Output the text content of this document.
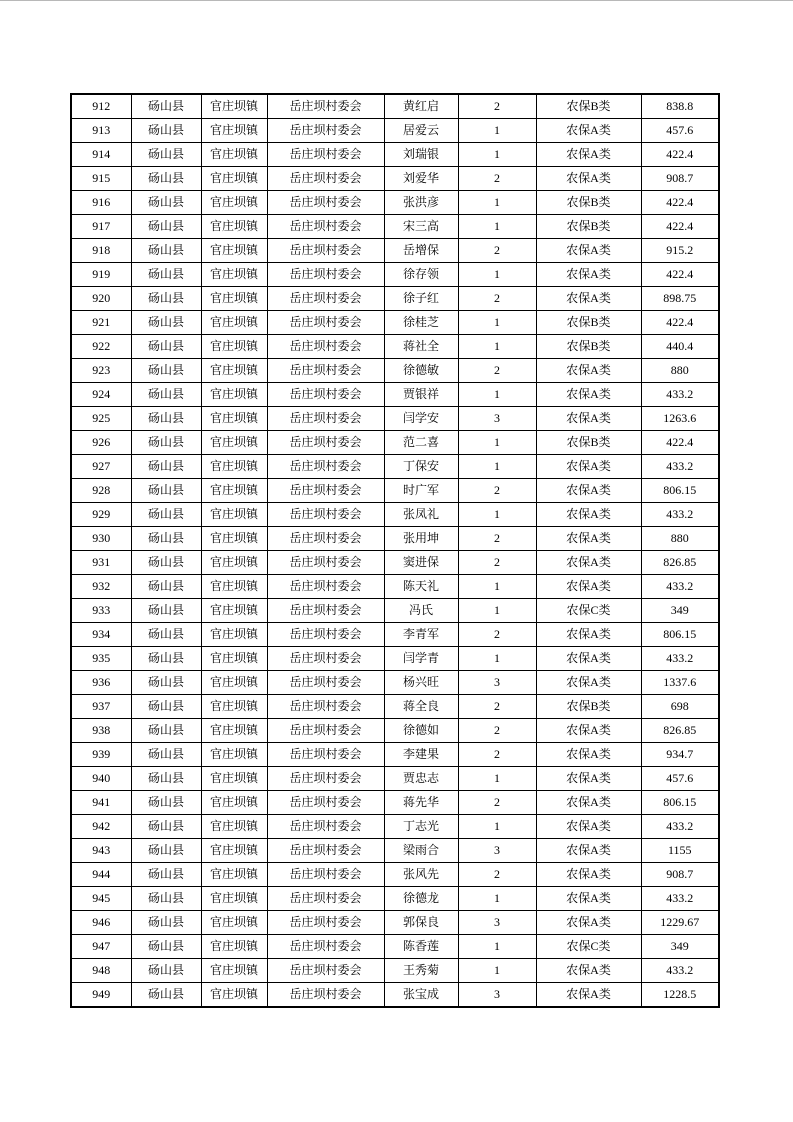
912	砀山县	官庄坝镇	岳庄坝村委会	黄红启	2	农保B类	838.8
913	砀山县	官庄坝镇	岳庄坝村委会	居爱云	1	农保A类	457.6
914	砀山县	官庄坝镇	岳庄坝村委会	刘瑞银	1	农保A类	422.4
915	砀山县	官庄坝镇	岳庄坝村委会	刘爱华	2	农保A类	908.7
916	砀山县	官庄坝镇	岳庄坝村委会	张洪彦	1	农保B类	422.4
917	砀山县	官庄坝镇	岳庄坝村委会	宋三高	1	农保B类	422.4
918	砀山县	官庄坝镇	岳庄坝村委会	岳增保	2	农保A类	915.2
919	砀山县	官庄坝镇	岳庄坝村委会	徐存领	1	农保A类	422.4
920	砀山县	官庄坝镇	岳庄坝村委会	徐子红	2	农保A类	898.75
921	砀山县	官庄坝镇	岳庄坝村委会	徐桂芝	1	农保B类	422.4
922	砀山县	官庄坝镇	岳庄坝村委会	蒋社全	1	农保B类	440.4
923	砀山县	官庄坝镇	岳庄坝村委会	徐德敏	2	农保A类	880
924	砀山县	官庄坝镇	岳庄坝村委会	贾银祥	1	农保A类	433.2
925	砀山县	官庄坝镇	岳庄坝村委会	闫学安	3	农保A类	1263.6
926	砀山县	官庄坝镇	岳庄坝村委会	范二喜	1	农保B类	422.4
927	砀山县	官庄坝镇	岳庄坝村委会	丁保安	1	农保A类	433.2
928	砀山县	官庄坝镇	岳庄坝村委会	时广军	2	农保A类	806.15
929	砀山县	官庄坝镇	岳庄坝村委会	张凤礼	1	农保A类	433.2
930	砀山县	官庄坝镇	岳庄坝村委会	张用坤	2	农保A类	880
931	砀山县	官庄坝镇	岳庄坝村委会	窦进保	2	农保A类	826.85
932	砀山县	官庄坝镇	岳庄坝村委会	陈天礼	1	农保A类	433.2
933	砀山县	官庄坝镇	岳庄坝村委会	冯氏	1	农保C类	349
934	砀山县	官庄坝镇	岳庄坝村委会	李青军	2	农保A类	806.15
935	砀山县	官庄坝镇	岳庄坝村委会	闫学青	1	农保A类	433.2
936	砀山县	官庄坝镇	岳庄坝村委会	杨兴旺	3	农保A类	1337.6
937	砀山县	官庄坝镇	岳庄坝村委会	蒋全良	2	农保B类	698
938	砀山县	官庄坝镇	岳庄坝村委会	徐德如	2	农保A类	826.85
939	砀山县	官庄坝镇	岳庄坝村委会	李建果	2	农保A类	934.7
940	砀山县	官庄坝镇	岳庄坝村委会	贾忠志	1	农保A类	457.6
941	砀山县	官庄坝镇	岳庄坝村委会	蒋先华	2	农保A类	806.15
942	砀山县	官庄坝镇	岳庄坝村委会	丁志光	1	农保A类	433.2
943	砀山县	官庄坝镇	岳庄坝村委会	梁雨合	3	农保A类	1155
944	砀山县	官庄坝镇	岳庄坝村委会	张风先	2	农保A类	908.7
945	砀山县	官庄坝镇	岳庄坝村委会	徐德龙	1	农保A类	433.2
946	砀山县	官庄坝镇	岳庄坝村委会	郭保良	3	农保A类	1229.67
947	砀山县	官庄坝镇	岳庄坝村委会	陈香莲	1	农保C类	349
948	砀山县	官庄坝镇	岳庄坝村委会	王秀菊	1	农保A类	433.2
949	砀山县	官庄坝镇	岳庄坝村委会	张宝成	3	农保A类	1228.5
